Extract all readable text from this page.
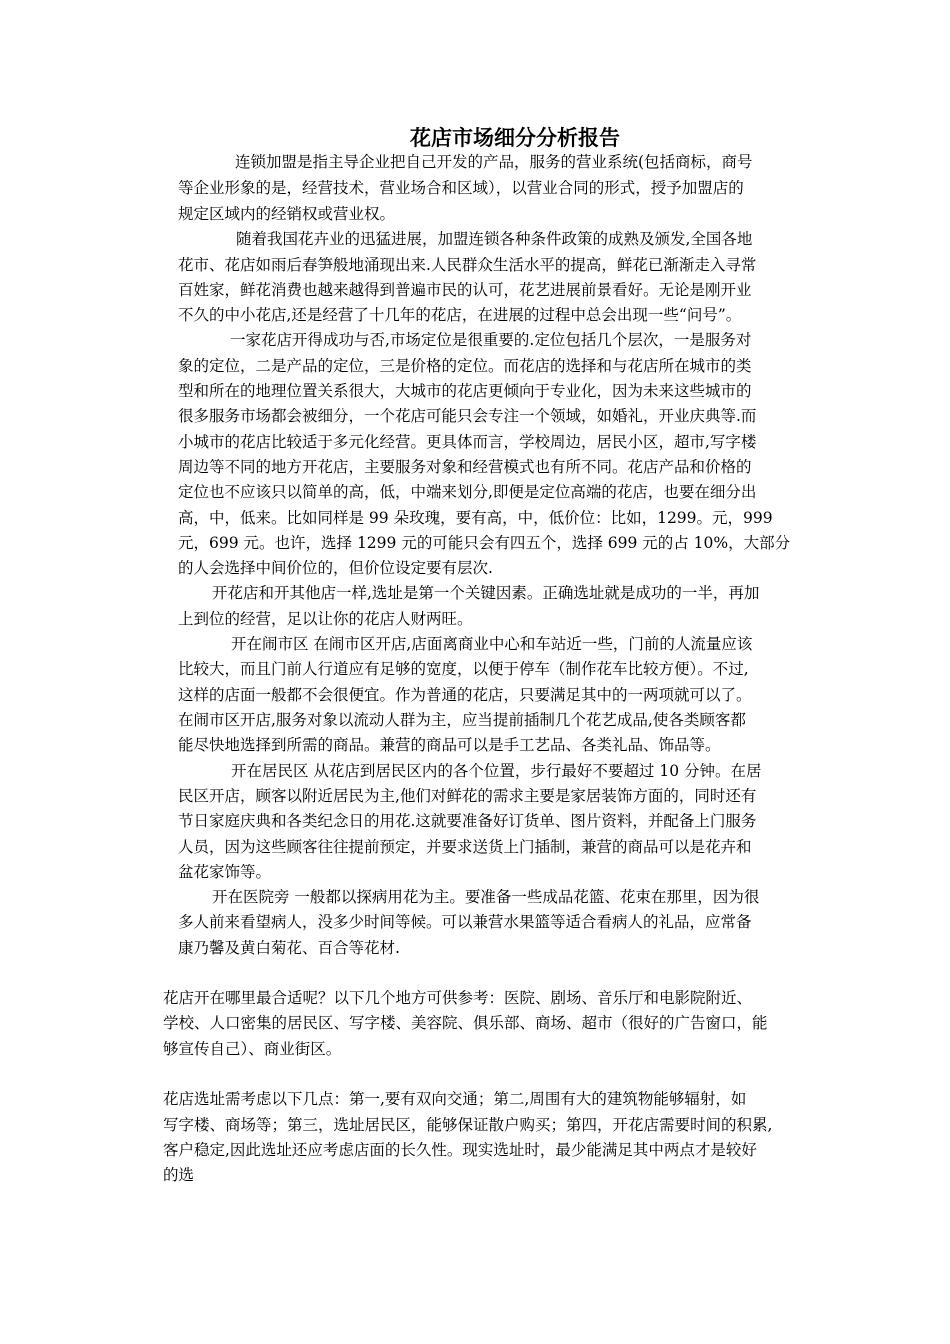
花店市场细分分析报告

连锁加盟是指主导企业把自己开发的产品，服务的营业系统(包括商标，商号

等企业形象的是，经营技术，营业场合和区域），以营业合同的形式，授予加盟店的

规定区域内的经销权或营业权。

随着我国花卉业的迅猛进展，加盟连锁各种条件政策的成熟及颁发,全国各地

花市、花店如雨后春笋般地涌现出来.人民群众生活水平的提高，鲜花已渐渐走入寻常

百姓家，鲜花消费也越来越得到普遍市民的认可，花艺进展前景看好。无论是刚开业

不久的中小花店,还是经营了十几年的花店，在进展的过程中总会出现一些“问号”。

一家花店开得成功与否,市场定位是很重要的.定位包括几个层次，一是服务对

象的定位，二是产品的定位，三是价格的定位。而花店的选择和与花店所在城市的类

型和所在的地理位置关系很大，大城市的花店更倾向于专业化，因为未来这些城市的

很多服务市场都会被细分，一个花店可能只会专注一个领域，如婚礼，开业庆典等.而

小城市的花店比较适于多元化经营。更具体而言，学校周边，居民小区，超市,写字楼

周边等不同的地方开花店，主要服务对象和经营模式也有所不同。花店产品和价格的

定位也不应该只以简单的高，低，中端来划分,即便是定位高端的花店，也要在细分出

高，中，低来。比如同样是 99 朵玫瑰，要有高，中，低价位：比如，1299。元，999

元，699 元。也许，选择 1299 元的可能只会有四五个，选择 699 元的占 10%，大部分

的人会选择中间价位的，但价位设定要有层次.

开花店和开其他店一样,选址是第一个关键因素。正确选址就是成功的一半，再加

上到位的经营，足以让你的花店人财两旺。

开在闹市区 在闹市区开店,店面离商业中心和车站近一些，门前的人流量应该

比较大，而且门前人行道应有足够的宽度，以便于停车（制作花车比较方便）。不过,

这样的店面一般都不会很便宜。作为普通的花店，只要满足其中的一两项就可以了。

在闹市区开店,服务对象以流动人群为主，应当提前插制几个花艺成品,使各类顾客都

能尽快地选择到所需的商品。兼营的商品可以是手工艺品、各类礼品、饰品等。

开在居民区 从花店到居民区内的各个位置，步行最好不要超过 10 分钟。在居

民区开店，顾客以附近居民为主,他们对鲜花的需求主要是家居装饰方面的，同时还有

节日家庭庆典和各类纪念日的用花.这就要准备好订货单、图片资料，并配备上门服务

人员，因为这些顾客往往提前预定，并要求送货上门插制，兼营的商品可以是花卉和

盆花家饰等。

开在医院旁 一般都以探病用花为主。要准备一些成品花篮、花束在那里，因为很

多人前来看望病人，没多少时间等候。可以兼营水果篮等适合看病人的礼品，应常备

康乃馨及黄白菊花、百合等花材.

花店开在哪里最合适呢？以下几个地方可供参考：医院、剧场、音乐厅和电影院附近、

学校、人口密集的居民区、写字楼、美容院、俱乐部、商场、超市（很好的广告窗口，能

够宣传自己）、商业街区。

花店选址需考虑以下几点：第一,要有双向交通；第二,周围有大的建筑物能够辐射，如

写字楼、商场等；第三，选址居民区，能够保证散户购买；第四，开花店需要时间的积累,

客户稳定,因此选址还应考虑店面的长久性。现实选址时，最少能满足其中两点才是较好

的选
